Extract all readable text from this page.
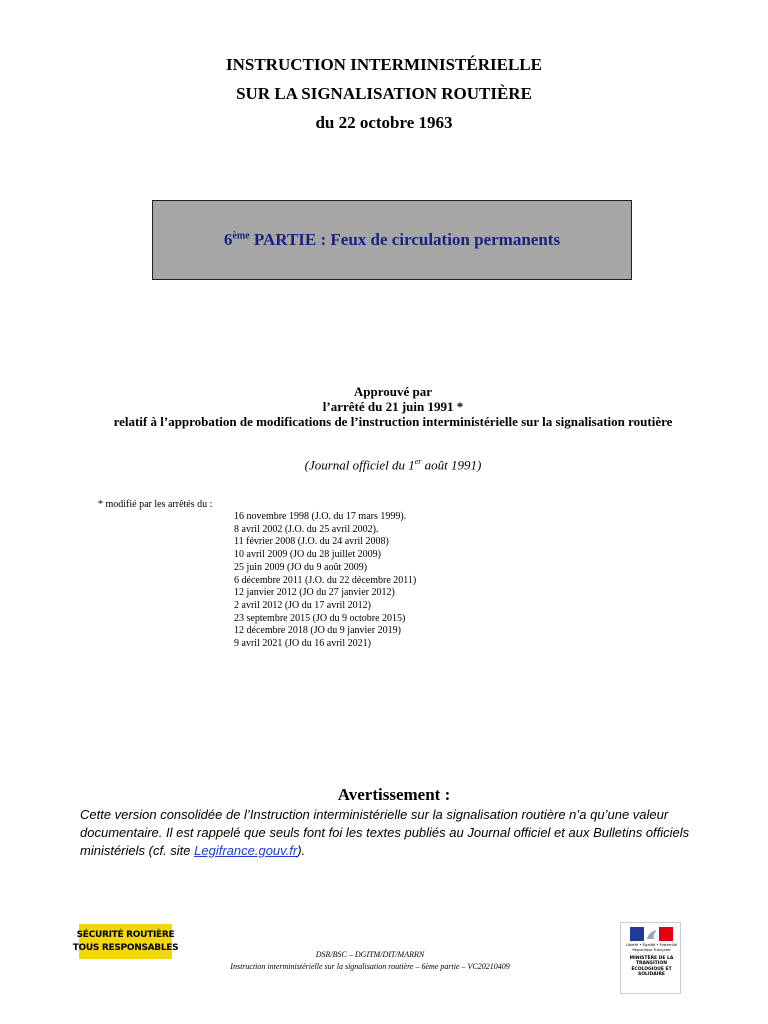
INSTRUCTION INTERMINISTÉRIELLE
SUR LA SIGNALISATION ROUTIÈRE
du 22 octobre 1963
6ème PARTIE : Feux de circulation permanents
Approuvé par
l’arrêté du 21 juin 1991 *
relatif à l’approbation de modifications de l’instruction interministérielle sur la signalisation routière
(Journal officiel du 1er août 1991)
* modifié par les arrêtés du :
16 novembre 1998 (J.O. du 17 mars 1999).
8 avril 2002 (J.O. du 25 avril 2002).
11 février 2008 (J.O. du 24 avril 2008)
10 avril 2009 (JO du 28 juillet 2009)
25 juin 2009 (JO du 9 août 2009)
6 décembre 2011 (J.O. du 22 décembre 2011)
12 janvier 2012 (JO du 27 janvier 2012)
2 avril 2012 (JO du 17 avril 2012)
23 septembre 2015 (JO du 9 octobre 2015)
12 décembre 2018 (JO du 9 janvier 2019)
9 avril 2021 (JO du 16 avril 2021)
Avertissement :
Cette version consolidée de l’Instruction interministérielle sur la signalisation routière n’a qu’une valeur documentaire. Il est rappelé que seuls font foi les textes publiés au Journal officiel et aux Bulletins officiels ministériels (cf. site Legifrance.gouv.fr).
SÉCURITÉ ROUTIÈRE
TOUS RESPONSABLES
DSR/BSC – DGITM/DIT/MARRN
Instruction interministérielle sur la signalisation routière – 6ème partie – VC20210409
Liberté • Égalité • Fraternité
République Française
MINISTÈRE DE LA TRANSITION ÉCOLOGIQUE ET SOLIDAIRE
